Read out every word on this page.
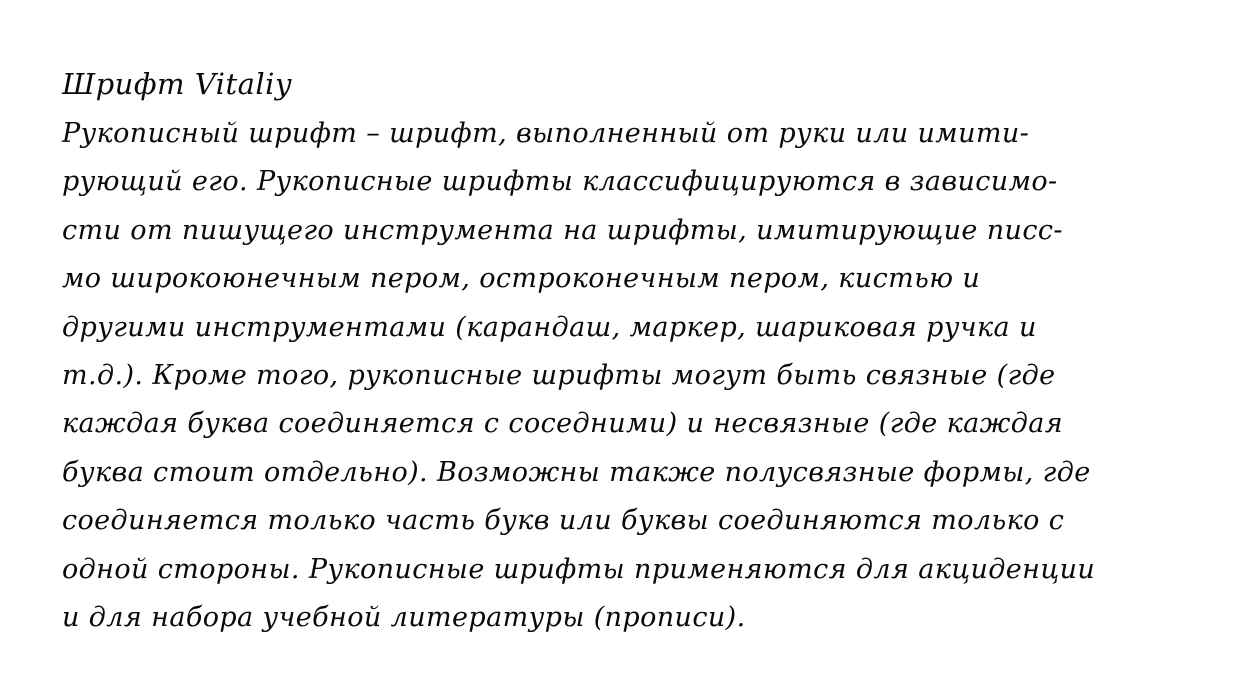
Шрифт Vitaliy
Рукописный шрифт – шрифт, выполненный от руки или имити-
рующий его. Рукописные шрифты классифицируются в зависимо-
сти от пишущего инструмента на шрифты, имитирующие писс-
мо широкоюнечным пером, остроконечным пером, кистью и
другими инструментами (карандаш, маркер, шариковая ручка и
т.д.). Кроме того, рукописные шрифты могут быть связные (где
каждая буква соединяется с соседними) и несвязные (где каждая
буква стоит отдельно). Возможны также полусвязные формы, где
соединяется только часть букв или буквы соединяются только с
одной стороны. Рукописные шрифты применяются для акциденции
и для набора учебной литературы (прописи).
